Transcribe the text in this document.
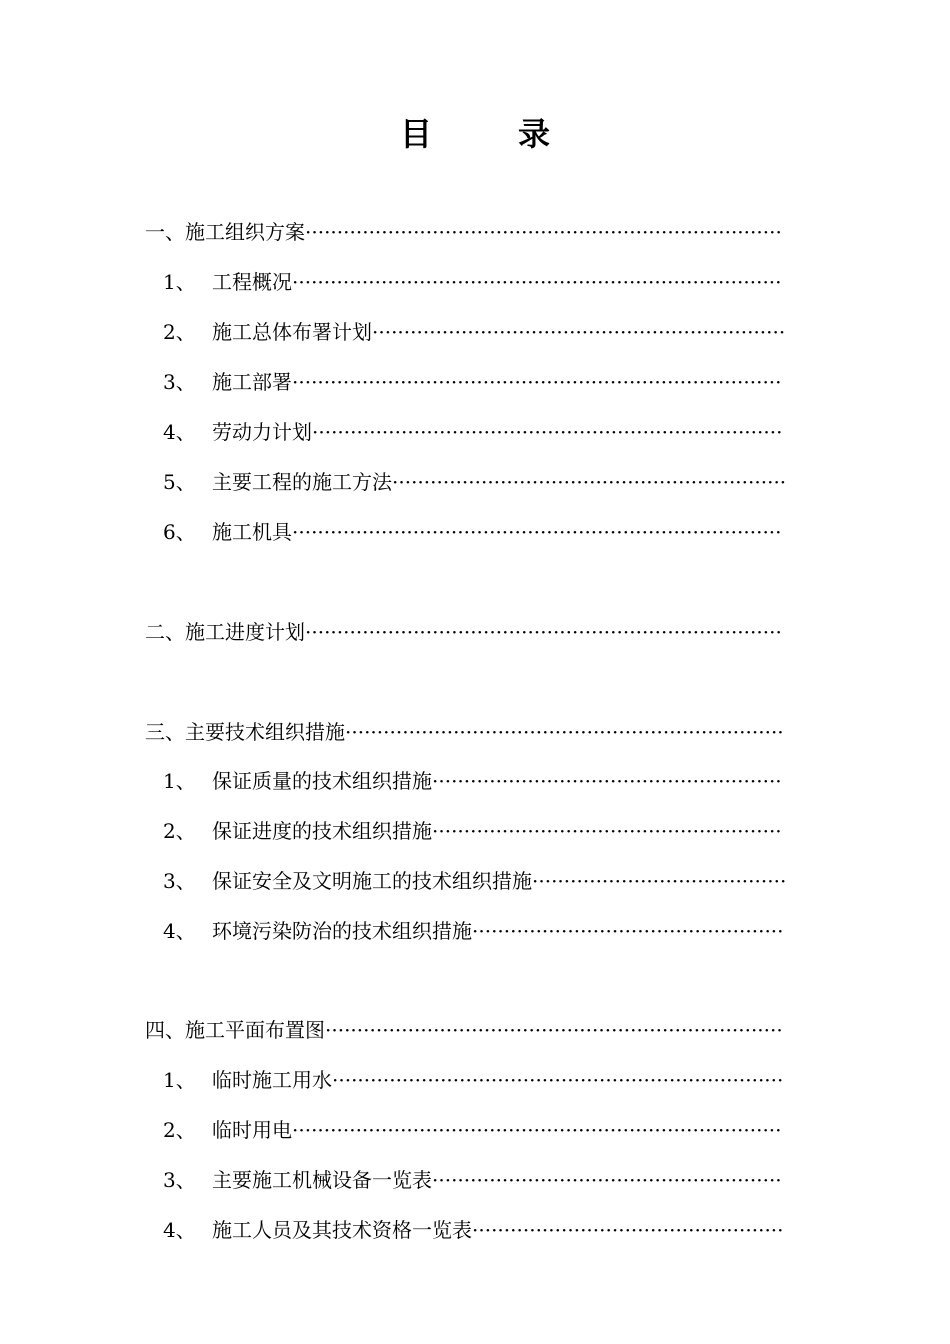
目	录
一、施工组织方案···········································································
1、 工程概况·············································································
2、 施工总体布署计划·································································
3、 施工部署·············································································
4、 劳动力计划··········································································
5、 主要工程的施工方法······························································
6、 施工机具·············································································
二、施工进度计划···········································································
三、主要技术组织措施·····································································
1、 保证质量的技术组织措施·······················································
2、 保证进度的技术组织措施·······················································
3、 保证安全及文明施工的技术组织措施········································
4、 环境污染防治的技术组织措施·················································
四、施工平面布置图········································································
1、 临时施工用水·······································································
2、 临时用电·············································································
3、 主要施工机械设备一览表·······················································
4、 施工人员及其技术资格一览表·················································
